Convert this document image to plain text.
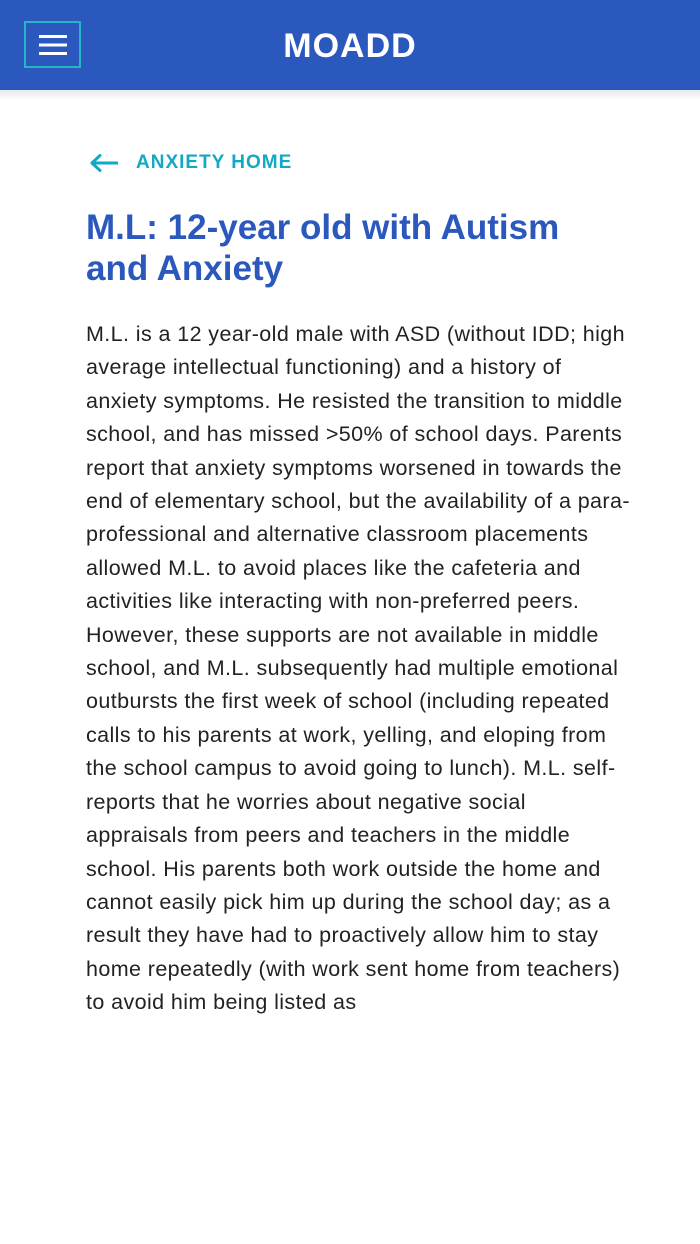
MOADD
ANXIETY HOME
M.L: 12-year old with Autism and Anxiety

M.L. is a 12 year-old male with ASD (without IDD; high average intellectual functioning) and a history of anxiety symptoms. He resisted the transition to middle school, and has missed >50% of school days. Parents report that anxiety symptoms worsened in towards the end of elementary school, but the availability of a para-professional and alternative classroom placements allowed M.L. to avoid places like the cafeteria and activities like interacting with non-preferred peers. However, these supports are not available in middle school, and M.L. subsequently had multiple emotional outbursts the first week of school (including repeated calls to his parents at work, yelling, and eloping from the school campus to avoid going to lunch). M.L. self-reports that he worries about negative social appraisals from peers and teachers in the middle school. His parents both work outside the home and cannot easily pick him up during the school day; as a result they have had to proactively allow him to stay home repeatedly (with work sent home from teachers) to avoid him being listed as
